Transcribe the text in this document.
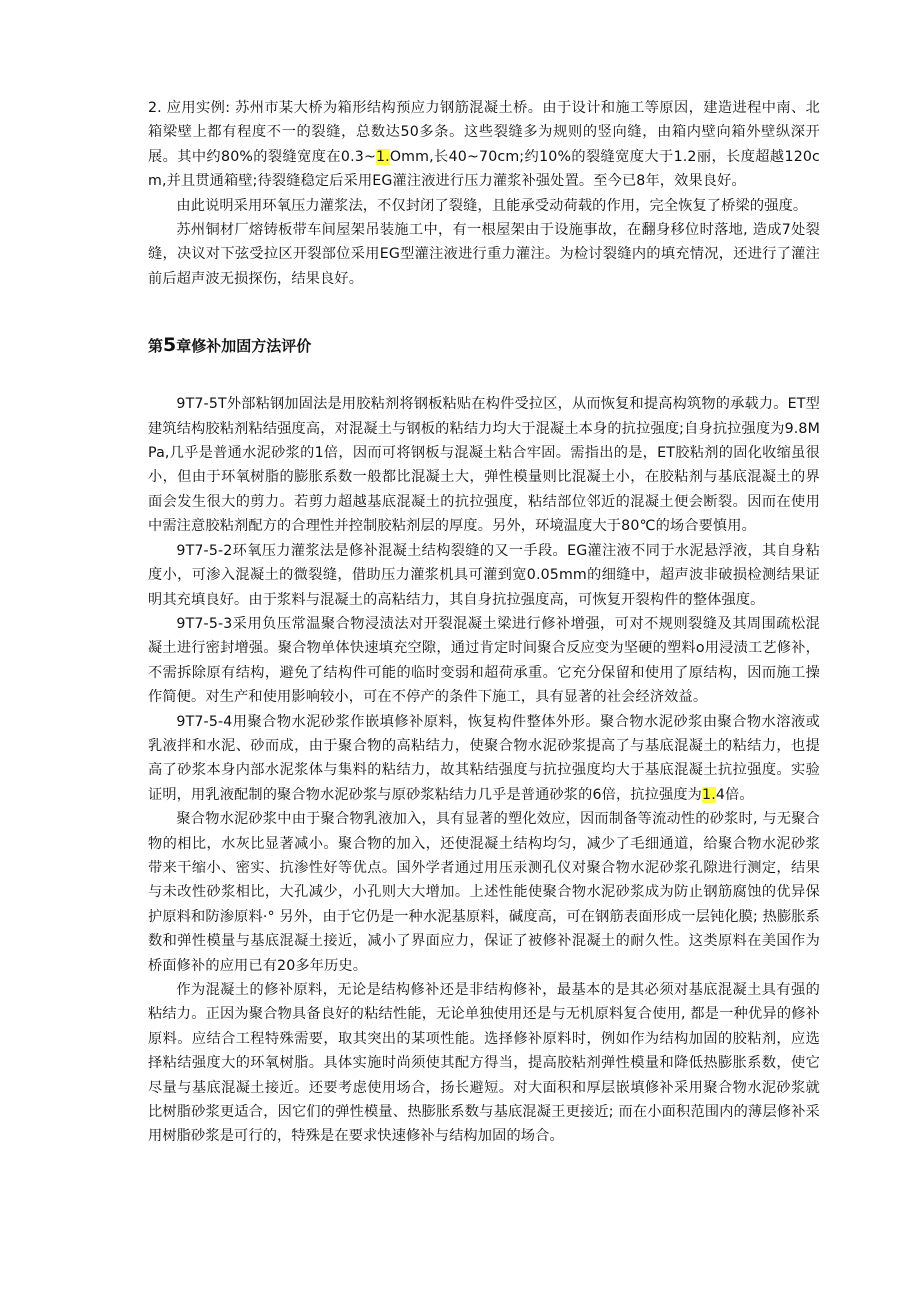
2. 应用实例: 苏州市某大桥为箱形结构预应力钢筋混凝土桥。由于设计和施工等原因，建造进程中南、北箱梁壁上都有程度不一的裂缝，总数达50多条。这些裂缝多为规则的竖向缝，由箱内壁向箱外壁纵深开展。其中约80%的裂缝宽度在0.3~1.Omm,长40~70cm;约10%的裂缝宽度大于1.2丽，长度超越120cm,并且贯通箱壁;待裂缝稳定后采用EG灌注液进行压力灌浆补强处置。至今已8年，效果良好。

由此说明采用环氧压力灌浆法，不仅封闭了裂缝，且能承受动荷载的作用，完全恢复了桥梁的强度。

苏州铜材厂熔铸板带车间屋架吊装施工中，有一根屋架由于设施事故，在翻身移位时落地, 造成7处裂缝，决议对下弦受拉区开裂部位采用EG型灌注液进行重力灌注。为检讨裂缝内的填充情况，还进行了灌注前后超声波无损探伤，结果良好。

第5章修补加固方法评价

9T7-5T外部粘钢加固法是用胶粘剂将钢板粘贴在构件受拉区，从而恢复和提高构筑物的承载力。ET型建筑结构胶粘剂粘结强度高，对混凝土与钢板的粘结力均大于混凝土本身的抗拉强度;自身抗拉强度为9.8MPa,几乎是普通水泥砂浆的1倍，因而可将钢板与混凝土粘合牢固。需指出的是，ET胶粘剂的固化收缩虽很小，但由于环氧树脂的膨胀系数一般都比混凝土大，弹性模量则比混凝土小，在胶粘剂与基底混凝土的界面会发生很大的剪力。若剪力超越基底混凝土的抗拉强度，粘结部位邻近的混凝土便会断裂。因而在使用中需注意胶粘剂配方的合理性并控制胶粘剂层的厚度。另外，环境温度大于80℃的场合要慎用。

9T7-5-2环氧压力灌浆法是修补混凝土结构裂缝的又一手段。EG灌注液不同于水泥悬浮液，其自身粘度小，可渗入混凝土的微裂缝，借助压力灌浆机具可灌到宽0.05mm的细缝中，超声波非破损检测结果证明其充填良好。由于浆料与混凝土的高粘结力，其自身抗拉强度高，可恢复开裂构件的整体强度。

9T7-5-3采用负压常温聚合物浸渍法对开裂混凝土梁进行修补增强，可对不规则裂缝及其周围疏松混凝土进行密封增强。聚合物单体快速填充空隙，通过肯定时间聚合反应变为坚硬的塑料o用浸渍工艺修补，不需拆除原有结构，避免了结构件可能的临时变弱和超荷承重。它充分保留和使用了原结构，因而施工操作简便。对生产和使用影响较小，可在不停产的条件下施工，具有显著的社会经济效益。

9T7-5-4用聚合物水泥砂浆作嵌填修补原料，恢复构件整体外形。聚合物水泥砂浆由聚合物水溶液或乳液拌和水泥、砂而成，由于聚合物的高粘结力，使聚合物水泥砂浆提高了与基底混凝土的粘结力，也提高了砂浆本身内部水泥浆体与集料的粘结力，故其粘结强度与抗拉强度均大于基底混凝土抗拉强度。实验证明，用乳液配制的聚合物水泥砂浆与原砂浆粘结力几乎是普通砂浆的6倍，抗拉强度为1.4倍。

聚合物水泥砂浆中由于聚合物乳液加入，具有显著的塑化效应，因而制备等流动性的砂浆时, 与无聚合物的相比，水灰比显著减小。聚合物的加入，还使混凝土结构均匀，减少了毛细通道，给聚合物水泥砂浆带来干缩小、密实、抗渗性好等优点。国外学者通过用压汞测孔仪对聚合物水泥砂浆孔隙进行测定，结果与未改性砂浆相比，大孔减少，小孔则大大增加。上述性能使聚合物水泥砂浆成为防止钢筋腐蚀的优异保护原料和防渗原料·° 另外，由于它仍是一种水泥基原料，碱度高，可在钢筋表面形成一层钝化膜; 热膨胀系数和弹性模量与基底混凝土接近，减小了界面应力，保证了被修补混凝土的耐久性。这类原料在美国作为桥面修补的应用已有20多年历史。

作为混凝土的修补原料，无论是结构修补还是非结构修补，最基本的是其必须对基底混凝土具有强的粘结力。正因为聚合物具备良好的粘结性能，无论单独使用还是与无机原料复合使用, 都是一种优异的修补原料。应结合工程特殊需要，取其突出的某项性能。选择修补原料时，例如作为结构加固的胶粘剂，应选择粘结强度大的环氧树脂。具体实施时尚须使其配方得当，提高胶粘剂弹性模量和降低热膨胀系数，使它尽量与基底混凝土接近。还要考虑使用场合，扬长避短。对大面积和厚层嵌填修补采用聚合物水泥砂浆就比树脂砂浆更适合，因它们的弹性模量、热膨胀系数与基底混凝王更接近; 而在小面积范围内的薄层修补采用树脂砂浆是可行的，特殊是在要求快速修补与结构加固的场合。
